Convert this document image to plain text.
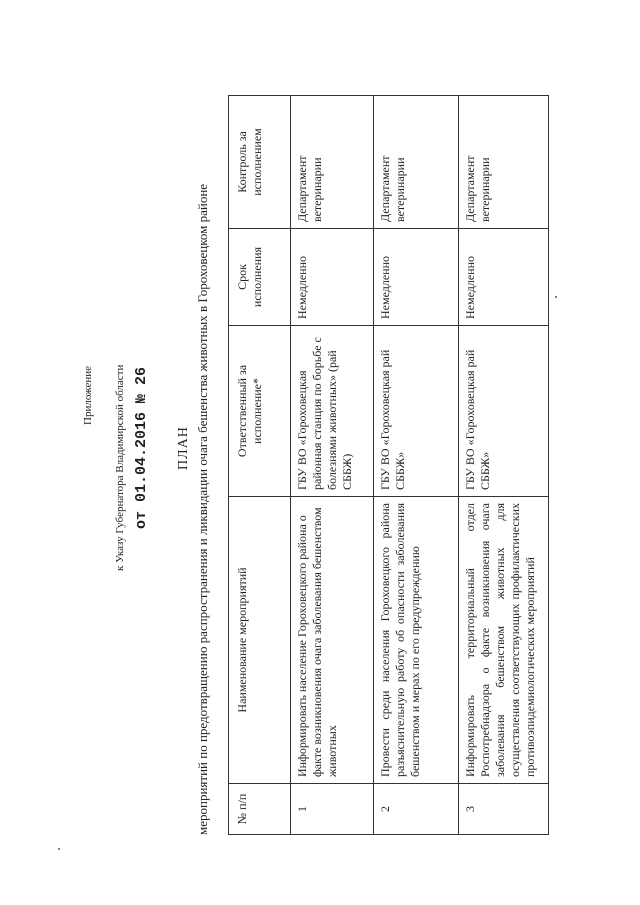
Приложение к Указу Губернатора Владимирской области от 01.04.2016 № 26 ПЛАН мероприятий по предотвращению распространения и ликвидации очага бешенства животных в Гороховецком районе № п/п	Наименование мероприятий	Ответственный за исполнение*	Срок исполнения	Контроль за исполнением
1	Информировать население Гороховецкого района о факте возникновения очага заболевания бешенством животных	ГБУ ВО «Гороховецкая районная станция по борьбе с болезнями животных» (рай СББЖ)	Немедленно	Департамент ветеринарии
2	Провести среди населения Гороховецкого района разъяснительную работу об опасности заболевания бешенством и мерах по его предупреждению	ГБУ ВО «Гороховецкая рай СББЖ»	Немедленно	Департамент ветеринарии
3	Информировать территориальный отдел Роспотребнадзора о факте возникновения очага заболевания бешенством животных для осуществления соответствующих профилактических противоэпидемиологических мероприятий	ГБУ ВО «Гороховецкая рай СББЖ»	Немедленно	Департамент ветеринарии
